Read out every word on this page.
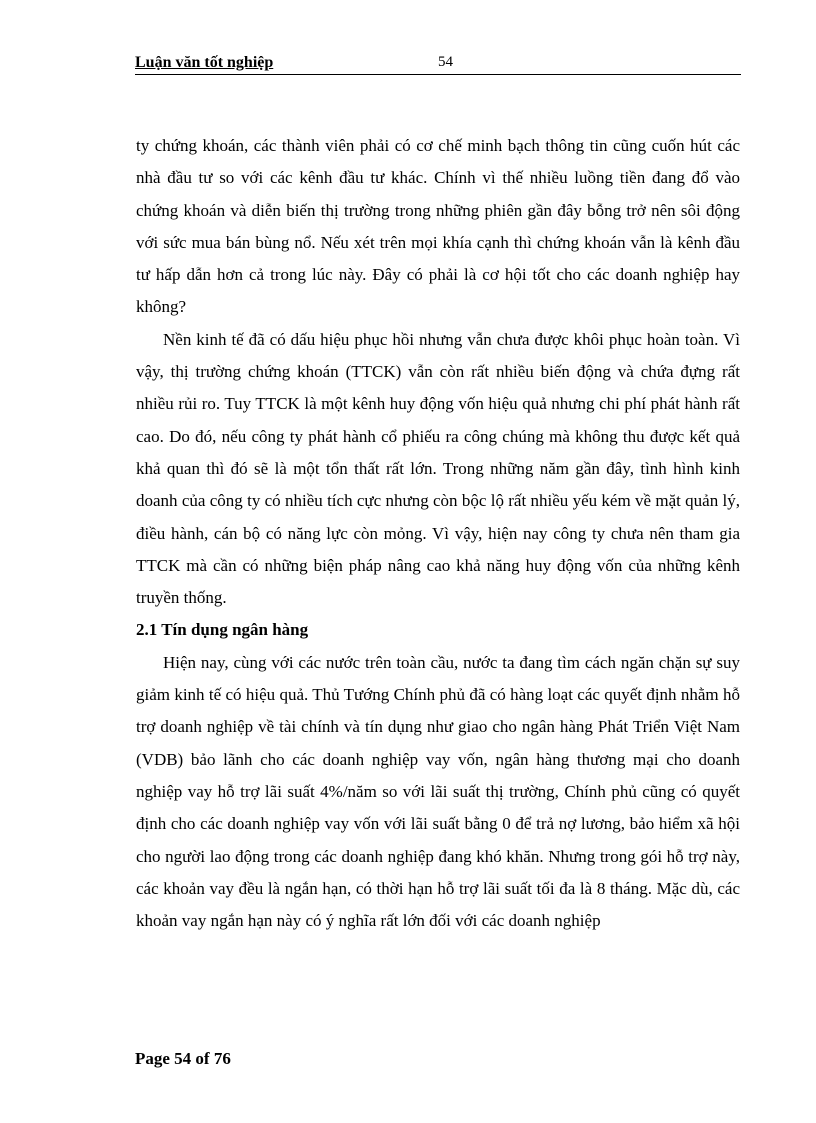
Luận văn tốt nghiệp	54

ty chứng khoán, các thành viên phải có cơ chế minh bạch thông tin cũng cuốn hút các nhà đầu tư so với các kênh đầu tư khác. Chính vì thế nhiều luồng tiền đang đổ vào chứng khoán và diễn biến thị trường trong những phiên gần đây bỗng trở nên sôi động với sức mua bán bùng nổ. Nếu xét trên mọi khía cạnh thì chứng khoán vẫn là kênh đầu tư hấp dẫn hơn cả trong lúc này. Đây có phải là cơ hội tốt cho các doanh nghiệp hay không?

Nền kinh tế đã có dấu hiệu phục hồi nhưng vẫn chưa được khôi phục hoàn toàn. Vì vậy, thị trường chứng khoán (TTCK) vẫn còn rất nhiều biến động và chứa đựng rất nhiều rủi ro. Tuy TTCK là một kênh huy động vốn hiệu quả nhưng chi phí phát hành rất cao. Do đó, nếu công ty phát hành cổ phiếu ra công chúng mà không thu được kết quả khả quan thì đó sẽ là một tổn thất rất lớn. Trong những năm gần đây, tình hình kinh doanh của công ty có nhiều tích cực nhưng còn bộc lộ rất nhiều yếu kém về mặt quản lý, điều hành, cán bộ có năng lực còn mỏng. Vì vậy, hiện nay công ty chưa nên tham gia TTCK mà cần có những biện pháp nâng cao khả năng huy động vốn của những kênh truyền thống.

2.1 Tín dụng ngân hàng

Hiện nay, cùng với các nước trên toàn cầu, nước ta đang tìm cách ngăn chặn sự suy giảm kinh tế có hiệu quả. Thủ Tướng Chính phủ đã có hàng loạt các quyết định nhằm hỗ trợ doanh nghiệp về tài chính và tín dụng như giao cho ngân hàng Phát Triển Việt Nam (VDB) bảo lãnh cho các doanh nghiệp vay vốn, ngân hàng thương mại cho doanh nghiệp vay hỗ trợ lãi suất 4%/năm so với lãi suất thị trường, Chính phủ cũng có quyết định cho các doanh nghiệp vay vốn với lãi suất bằng 0 để trả nợ lương, bảo hiểm xã hội cho người lao động trong các doanh nghiệp đang khó khăn. Nhưng trong gói hỗ trợ này, các khoản vay đều là ngắn hạn, có thời hạn hỗ trợ lãi suất tối đa là 8 tháng. Mặc dù, các khoản vay ngắn hạn này có ý nghĩa rất lớn đối với các doanh nghiệp

Page 54 of 76
